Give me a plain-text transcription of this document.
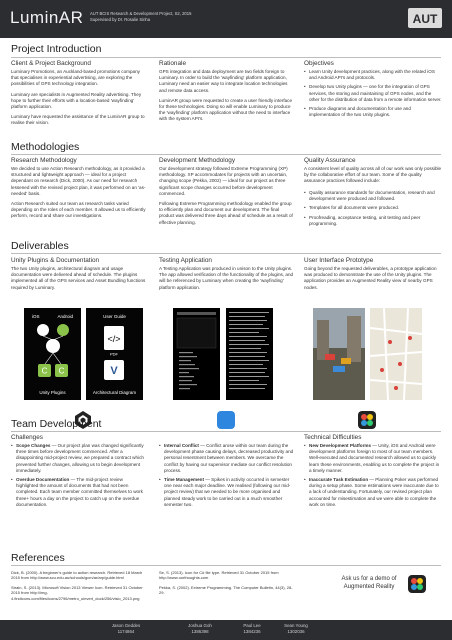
LuminAR AUT BCIS Research & Development Project, S2, 2015
Supervised by Dr. Rosalie Sinha	AUT
Project Introduction
Client & Project Background

Luminary Promotions, an Auckland-based promotions company that specialises in experiential advertising, are exploring the possibilities of GPS technology integration.

Luminary are specialists in Augmented Reality advertising. They hope to further their efforts with a location-based 'wayfinding' platform application.

Luminary have requested the assistance of the LuminAR group to realise their vision.

Rationale

GPS integration and data deployment are two fields foreign to Luminary. In order to build the 'wayfinding' platform application, Luminary need an easier way to integrate location technologies and remote data access.

LuminAR group were requested to create a user friendly interface for these technologies. Doing so will enable Luminary to produce the 'wayfinding' platform application without the need to interface with the system API's.

Objectives
• Learn Unity development practices, along with the related iOS and Android API's and protocols.
• Develop two Unity plugins — one for the integration of GPS services, the storing and maintaining of GPS nodes, and the other for the distribution of data from a remote information server.
• Produce diagrams and documentation for use and implementation of the two Unity plugins.
Methodologies
Research Methodology

We decided to use Action Research methodology, as it provided a structured and lightweight approach — ideal for a project dependant on research (Dick, 2000). As our need for research lessened with the revised project plan, it was performed on an 'as-needed' basis.

Action Research suited our team as research tasks varied depending on the roles of each member. It allowed us to efficiently perform, record and share our investigations.

Development Methodology

Our development strategy followed Extreme Programming (XP) methodology. XP accommodates for projects with an uncertain, changing scope (Pekka, 2002) — ideal for our project as three significant scope changes occurred before development commenced.

Following Extreme Programming methodology enabled the group to efficiently plan and document our development. The final product was delivered three days ahead of schedule as a result of effective planning.

Quality Assurance
A consistent level of quality across all of our work was only possible by the collaborative effort of our team. Some of the quality assurance practices followed include:
• Quality assurance standards for documentation, research and development were produced and followed.
• Templates for all documents were produced.
• Proofreading, acceptance testing, unit testing and peer programming.
Deliverables
Unity Plugins & Documentation
The two Unity plugins, architectural diagram and usage documentation were delivered ahead of schedule. The plugins implemented all of the GPS services and Asset Bundling functions required by Luminary.
iOS	Android
C C
Unity Plugins
User Guide
</>
V
PDF
Architectural Diagram
Testing Application
A Testing Application was produced in unison to the Unity plugins. The app allowed verification of the functionality of the plugins, and will be referenced by Luminary when creating the 'wayfinding' platform application.
User Interface Prototype
Going beyond the requested deliverables, a prototype application was produced to demonstrate the use of the Unity plugins. The application provides an Augmented Reality view of nearby GPS nodes.
Team Development
Challenges
• Scope Changes — Our project plan was changed significantly three times before development commenced. After a disappointing mid-project review, we prepared a contract which prevented further changes, allowing us to begin development immediately.
• Overdue Documentation — The mid-project review highlighted the amount of documents that had not been completed. Each team member committed themselves to work three+ hours a day on the project to catch up on the overdue documentation.
• Internal Conflict — Conflict arose within our team during the development phase causing delays, decreased productivity and personal resentment between members. We overcame the conflict by having our supervisor mediate our conflict resolution process.
• Time Management — Spikes in activity occurred in semester one near each major deadline. We realised (following our mid-project review) that we needed to be more organised and planned steady work to be carried out in a much smoother semester two.
Technical Difficulties
• New Development Platforms — Unity, iOS and Android were development platforms foreign to most of our team members. Well-executed and documented research allowed us to quickly learn these environments, enabling us to complete the project in a timely manner.
• Inaccurate Task Estimation — Planning Poker was performed during a setup phase. Some estimations were inaccurate due to a lack of understanding. Fortunately, our revised project plan accounted for misestimation and we were able to complete the work on time.
References

Dick, B. (2000). A beginner's guide to action research. Retrieved 18 March 2015 from http://www.scu.edu.au/schools/gcm/ar/arp/guide.html

Strain, S. (2013). Microsoft Vision 2013 Viewer Icon. Retrieved 31 October 2015 from http://img-4.findicons.com/files/icons/2796/metro_uinvert_dock/256/visio_2013.png

Se, S. (2013). Icon for C# file type. Retrieved 31 October 2015 from http://www.ourthoughts.com

Pekka, S. (2002). Extreme Programming. The Computer Bulletin, 44(3), 28-29.

Ask us for a demo of Augmented Reality
Jason Geddes
1174864
Joshua Goh
1386398
Paul Lee
1384236
Sean Young
1302036
